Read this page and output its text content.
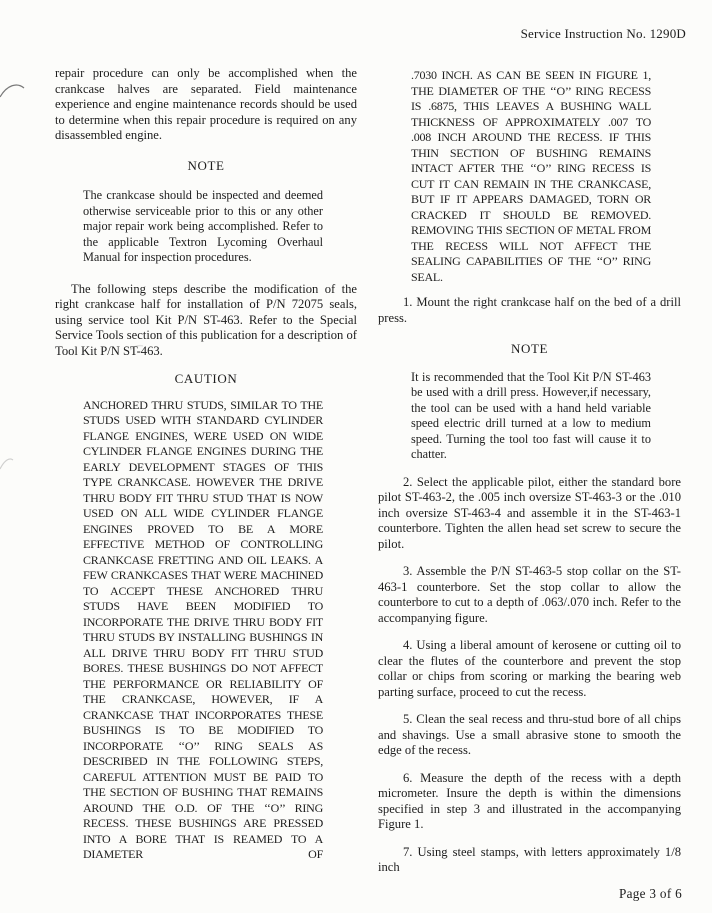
Service Instruction No. 1290D

repair procedure can only be accomplished when the crankcase halves are separated. Field maintenance experience and engine maintenance records should be used to determine when this repair procedure is required on any disassembled engine.

NOTE

The crankcase should be inspected and deemed otherwise serviceable prior to this or any other major repair work being accomplished. Refer to the applicable Textron Lycoming Overhaul Manual for inspection procedures.

The following steps describe the modification of the right crankcase half for installation of P/N 72075 seals, using service tool Kit P/N ST-463. Refer to the Special Service Tools section of this publication for a description of Tool Kit P/N ST-463.

CAUTION

ANCHORED THRU STUDS, SIMILAR TO THE STUDS USED WITH STANDARD CYLINDER FLANGE ENGINES, WERE USED ON WIDE CYLINDER FLANGE ENGINES DURING THE EARLY DEVELOPMENT STAGES OF THIS TYPE CRANKCASE. HOWEVER THE DRIVE THRU BODY FIT THRU STUD THAT IS NOW USED ON ALL WIDE CYLINDER FLANGE ENGINES PROVED TO BE A MORE EFFECTIVE METHOD OF CONTROLLING CRANKCASE FRETTING AND OIL LEAKS. A FEW CRANKCASES THAT WERE MACHINED TO ACCEPT THESE ANCHORED THRU STUDS HAVE BEEN MODIFIED TO INCORPORATE THE DRIVE THRU BODY FIT THRU STUDS BY INSTALLING BUSHINGS IN ALL DRIVE THRU BODY FIT THRU STUD BORES. THESE BUSHINGS DO NOT AFFECT THE PERFORMANCE OR RELIABILITY OF THE CRANKCASE, HOWEVER, IF A CRANKCASE THAT INCORPORATES THESE BUSHINGS IS TO BE MODIFIED TO INCORPORATE ‘‘O’’ RING SEALS AS DESCRIBED IN THE FOLLOWING STEPS, CAREFUL ATTENTION MUST BE PAID TO THE SECTION OF BUSHING THAT REMAINS AROUND THE O.D. OF THE ‘‘O’’ RING RECESS. THESE BUSHINGS ARE PRESSED INTO A BORE THAT IS REAMED TO A DIAMETER OF

.7030 INCH. AS CAN BE SEEN IN FIGURE 1, THE DIAMETER OF THE ‘‘O’’ RING RECESS IS .6875, THIS LEAVES A BUSHING WALL THICKNESS OF APPROXIMATELY .007 TO .008 INCH AROUND THE RECESS. IF THIS THIN SECTION OF BUSHING REMAINS INTACT AFTER THE ‘‘O’’ RING RECESS IS CUT IT CAN REMAIN IN THE CRANKCASE, BUT IF IT APPEARS DAMAGED, TORN OR CRACKED IT SHOULD BE REMOVED. REMOVING THIS SECTION OF METAL FROM THE RECESS WILL NOT AFFECT THE SEALING CAPABILITIES OF THE ‘‘O’’ RING SEAL.

1. Mount the right crankcase half on the bed of a drill press.

NOTE

It is recommended that the Tool Kit P/N ST-463 be used with a drill press. However,if necessary, the tool can be used with a hand held variable speed electric drill turned at a low to medium speed. Turning the tool too fast will cause it to chatter.

2. Select the applicable pilot, either the standard bore pilot ST-463-2, the .005 inch oversize ST-463-3 or the .010 inch oversize ST-463-4 and assemble it in the ST-463-1 counterbore. Tighten the allen head set screw to secure the pilot.

3. Assemble the P/N ST-463-5 stop collar on the ST-463-1 counterbore. Set the stop collar to allow the counterbore to cut to a depth of .063/.070 inch. Refer to the accompanying figure.

4. Using a liberal amount of kerosene or cutting oil to clear the flutes of the counterbore and prevent the stop collar or chips from scoring or marking the bearing web parting surface, proceed to cut the recess.

5. Clean the seal recess and thru-stud bore of all chips and shavings. Use a small abrasive stone to smooth the edge of the recess.

6. Measure the depth of the recess with a depth micrometer. Insure the depth is within the dimensions specified in step 3 and illustrated in the accompanying Figure 1.

7. Using steel stamps, with letters approximately 1/8 inch

Page 3 of 6
